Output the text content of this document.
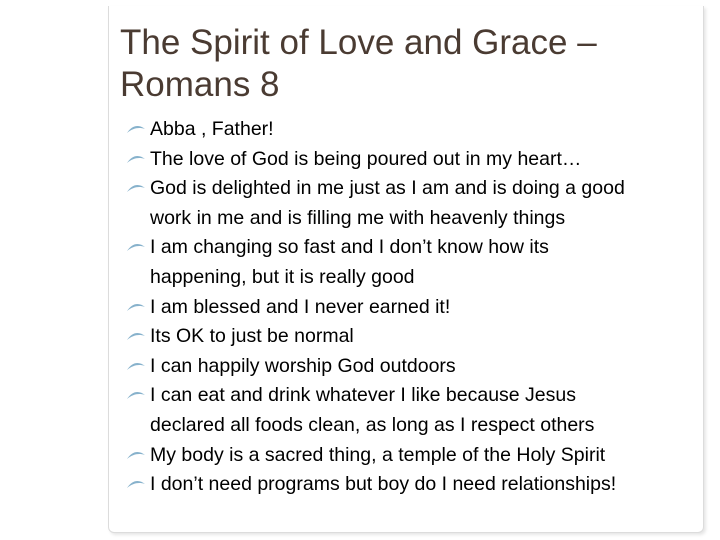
The Spirit of Love and Grace –
Romans 8
Abba , Father!
The love of God is being poured out in my heart…
God is delighted in me just as I am and is doing a good
work in me and is filling me with heavenly things
I am changing so fast and I don’t know how its
happening, but it is really good
I am blessed and I never earned it!
Its OK to just be normal
I can happily worship God outdoors
I can eat and drink whatever I like because Jesus
declared all foods clean, as long as I respect others
My body is a sacred thing, a temple of the Holy Spirit
I don’t need programs but boy do I need relationships!
